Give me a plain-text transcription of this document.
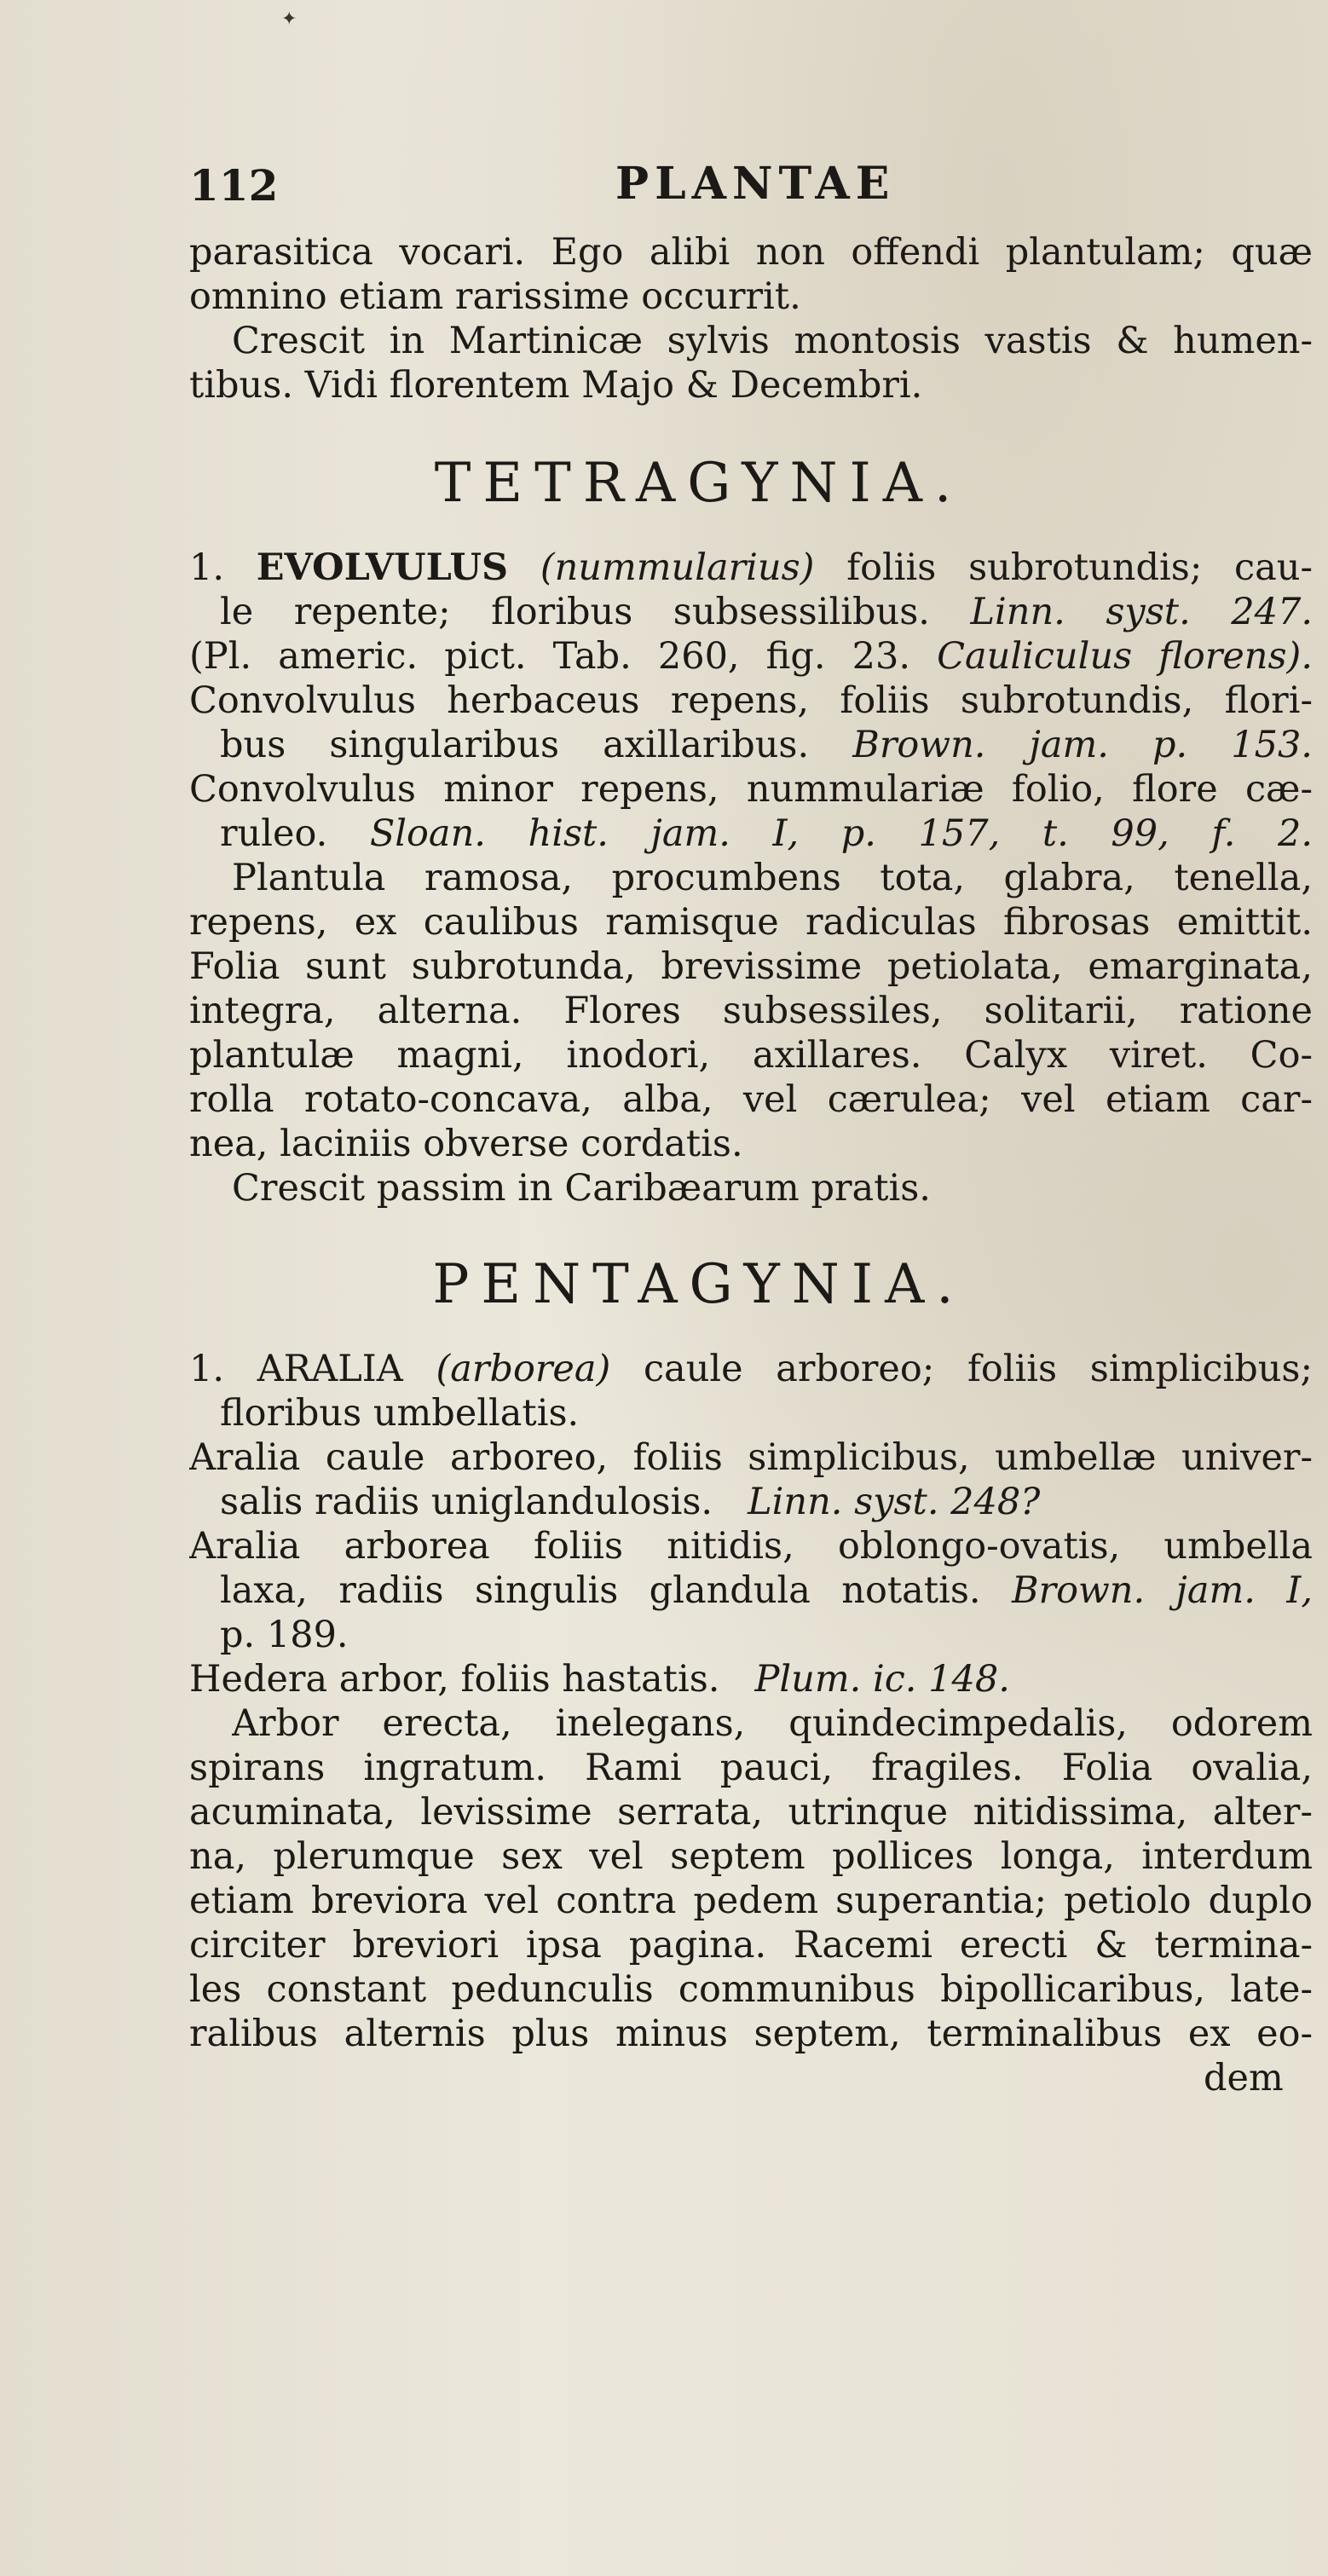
✦
112	PLANTAE
parasitica vocari. Ego alibi non offendi plantulam; quæ
omnino etiam rarissime occurrit.
Crescit in Martinicæ sylvis montosis vastis & humen-
tibus. Vidi florentem Majo & Decembri.
TETRAGYNIA.
1. EVOLVULUS (nummularius) foliis subrotundis; cau-
le repente; floribus subsessilibus. Linn. syst. 247.
(Pl. americ. pict. Tab. 260, fig. 23. Cauliculus florens).
Convolvulus herbaceus repens, foliis subrotundis, flori-
bus singularibus axillaribus. Brown. jam. p. 153.
Convolvulus minor repens, nummulariæ folio, flore cæ-
ruleo. Sloan. hist. jam. I, p. 157, t. 99, f. 2.
Plantula ramosa, procumbens tota, glabra, tenella,
repens, ex caulibus ramisque radiculas fibrosas emittit.
Folia sunt subrotunda, brevissime petiolata, emarginata,
integra, alterna. Flores subsessiles, solitarii, ratione
plantulæ magni, inodori, axillares. Calyx viret. Co-
rolla rotato-concava, alba, vel cærulea; vel etiam car-
nea, laciniis obverse cordatis.
Crescit passim in Caribæarum pratis.
PENTAGYNIA.
1. ARALIA (arborea) caule arboreo; foliis simplicibus;
floribus umbellatis.
Aralia caule arboreo, foliis simplicibus, umbellæ univer-
salis radiis uniglandulosis. Linn. syst. 248?
Aralia arborea foliis nitidis, oblongo-ovatis, umbella
laxa, radiis singulis glandula notatis. Brown. jam. I,
p. 189.
Hedera arbor, foliis hastatis. Plum. ic. 148.
Arbor erecta, inelegans, quindecimpedalis, odorem
spirans ingratum. Rami pauci, fragiles. Folia ovalia,
acuminata, levissime serrata, utrinque nitidissima, alter-
na, plerumque sex vel septem pollices longa, interdum
etiam breviora vel contra pedem superantia; petiolo duplo
circiter breviori ipsa pagina. Racemi erecti & termina-
les constant pedunculis communibus bipollicaribus, late-
ralibus alternis plus minus septem, terminalibus ex eo-
dem
